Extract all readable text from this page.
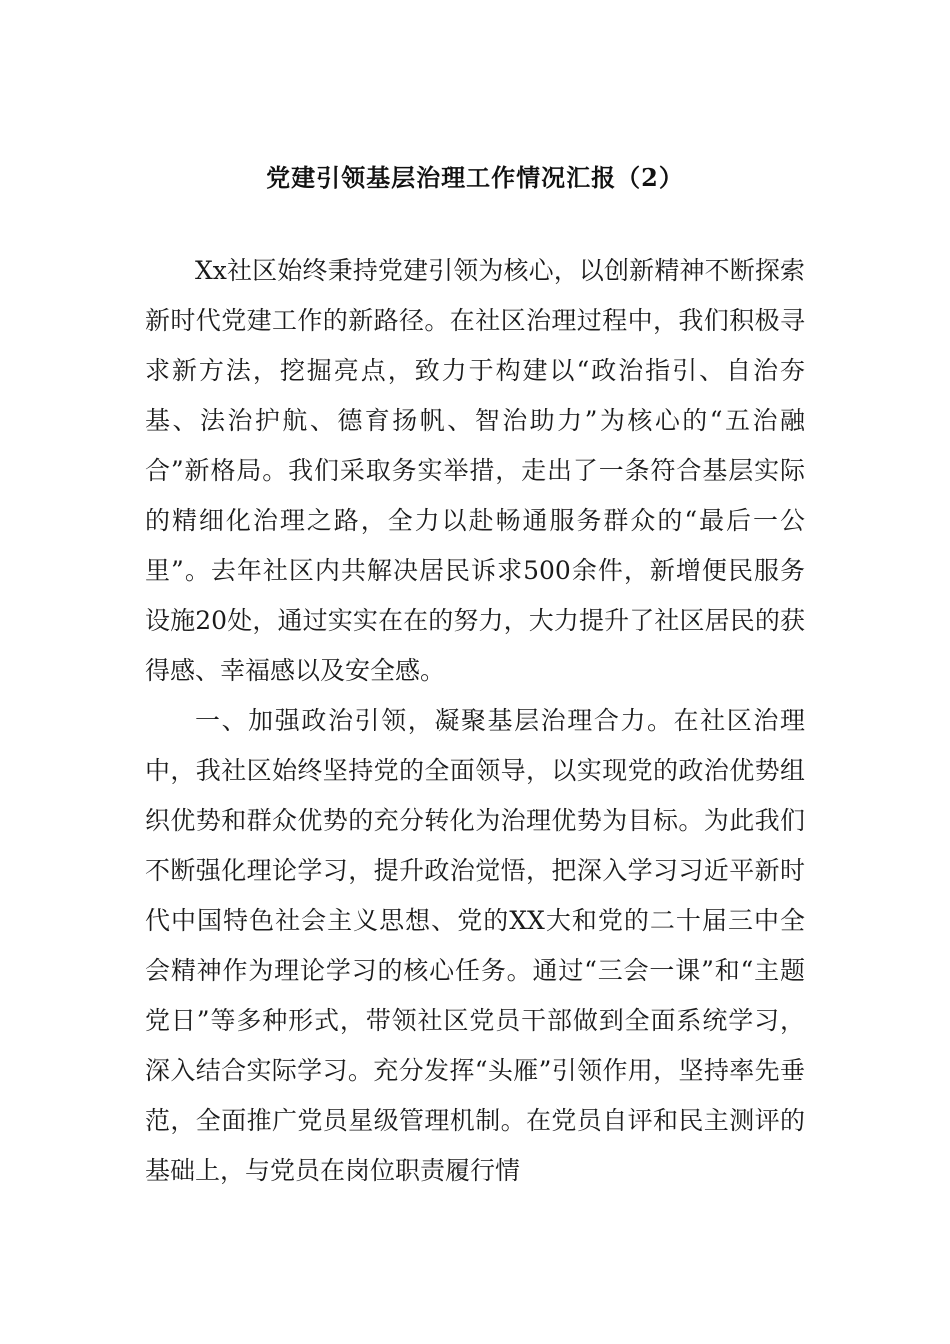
党建引领基层治理工作情况汇报（2）

Xx社区始终秉持党建引领为核心，以创新精神不断探索新时代党建工作的新路径。在社区治理过程中，我们积极寻求新方法，挖掘亮点，致力于构建以“政治指引、自治夯基、法治护航、德育扬帆、智治助力”为核心的“五治融合”新格局。我们采取务实举措，走出了一条符合基层实际的精细化治理之路，全力以赴畅通服务群众的“最后一公里”。去年社区内共解决居民诉求500余件，新增便民服务设施20处，通过实实在在的努力，大力提升了社区居民的获得感、幸福感以及安全感。

一、加强政治引领，凝聚基层治理合力。在社区治理中，我社区始终坚持党的全面领导，以实现党的政治优势组织优势和群众优势的充分转化为治理优势为目标。为此我们不断强化理论学习，提升政治觉悟，把深入学习习近平新时代中国特色社会主义思想、党的XX大和党的二十届三中全会精神作为理论学习的核心任务。通过“三会一课”和“主题党日”等多种形式，带领社区党员干部做到全面系统学习，深入结合实际学习。充分发挥“头雁”引领作用，坚持率先垂范，全面推广党员星级管理机制。在党员自评和民主测评的基础上，与党员在岗位职责履行情
